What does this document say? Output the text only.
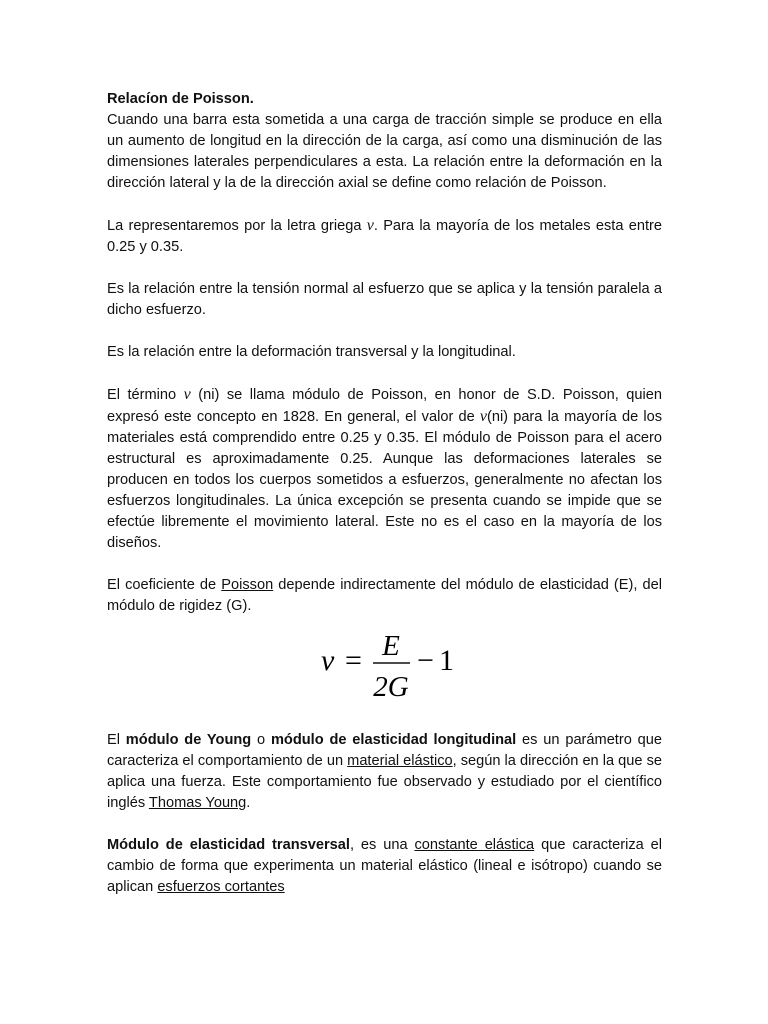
Relacíon de Poisson.
Cuando una barra esta sometida a una carga de tracción simple se produce en ella un aumento de longitud en la dirección de la carga, así como una disminución de las dimensiones laterales perpendiculares a esta. La relación entre la deformación en la dirección lateral y la de la dirección axial se define como relación de Poisson.

La representaremos por la letra griega ν. Para la mayoría de los metales esta entre 0.25 y 0.35.

Es la relación entre la tensión normal al esfuerzo que se aplica y la tensión paralela a dicho esfuerzo.

Es la relación entre la deformación transversal y la longitudinal.

El término ν (ni) se llama módulo de Poisson, en honor de S.D. Poisson, quien expresó este concepto en 1828. En general, el valor de ν(ni) para la mayoría de los materiales está comprendido entre 0.25 y 0.35. El módulo de Poisson para el acero estructural es aproximadamente 0.25. Aunque las deformaciones laterales se producen en todos los cuerpos sometidos a esfuerzos, generalmente no afectan los esfuerzos longitudinales. La única excepción se presenta cuando se impide que se efectúe libremente el movimiento lateral. Este no es el caso en la mayoría de los diseños.

El coeficiente de Poisson depende indirectamente del módulo de elasticidad (E), del módulo de rigidez (G).

ν = E
2G
− 1

El módulo de Young o módulo de elasticidad longitudinal es un parámetro que caracteriza el comportamiento de un material elástico, según la dirección en la que se aplica una fuerza. Este comportamiento fue observado y estudiado por el científico inglés Thomas Young.

Módulo de elasticidad transversal, es una constante elástica que caracteriza el cambio de forma que experimenta un material elástico (lineal e isótropo) cuando se aplican esfuerzos cortantes
